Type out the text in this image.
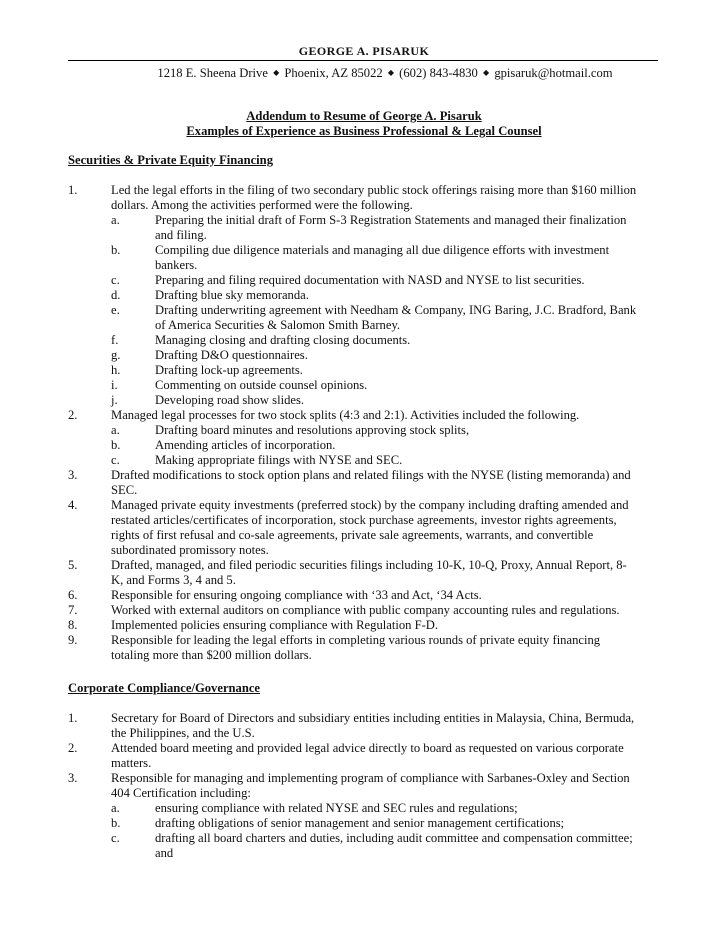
GEORGE A. PISARUK
1218 E. Sheena Drive ◆ Phoenix, AZ 85022 ◆ (602) 843-4830 ◆ gpisaruk@hotmail.com
Addendum to Resume of George A. Pisaruk
Examples of Experience as Business Professional & Legal Counsel
Securities & Private Equity Financing
1.	Led the legal efforts in the filing of two secondary public stock offerings raising more than $160 million
dollars. Among the activities performed were the following.
a.	Preparing the initial draft of Form S-3 Registration Statements and managed their finalization
and filing.
b.	Compiling due diligence materials and managing all due diligence efforts with investment
bankers.
c.	Preparing and filing required documentation with NASD and NYSE to list securities.
d.	Drafting blue sky memoranda.
e.	Drafting underwriting agreement with Needham & Company, ING Baring, J.C. Bradford, Bank
of America Securities & Salomon Smith Barney.
f.	Managing closing and drafting closing documents.
g.	Drafting D&O questionnaires.
h.	Drafting lock-up agreements.
i.	Commenting on outside counsel opinions.
j.	Developing road show slides.
2.	Managed legal processes for two stock splits (4:3 and 2:1). Activities included the following.
a.	Drafting board minutes and resolutions approving stock splits,
b.	Amending articles of incorporation.
c.	Making appropriate filings with NYSE and SEC.
3.	Drafted modifications to stock option plans and related filings with the NYSE (listing memoranda) and
SEC.
4.	Managed private equity investments (preferred stock) by the company including drafting amended and
restated articles/certificates of incorporation, stock purchase agreements, investor rights agreements,
rights of first refusal and co-sale agreements, private sale agreements, warrants, and convertible
subordinated promissory notes.
5.	Drafted, managed, and filed periodic securities filings including 10-K, 10-Q, Proxy, Annual Report, 8-
K, and Forms 3, 4 and 5.
6.	Responsible for ensuring ongoing compliance with ‘33 and Act, ‘34 Acts.
7.	Worked with external auditors on compliance with public company accounting rules and regulations.
8.	Implemented policies ensuring compliance with Regulation F-D.
9.	Responsible for leading the legal efforts in completing various rounds of private equity financing
totaling more than $200 million dollars.
Corporate Compliance/Governance
1.	Secretary for Board of Directors and subsidiary entities including entities in Malaysia, China, Bermuda,
the Philippines, and the U.S.
2.	Attended board meeting and provided legal advice directly to board as requested on various corporate
matters.
3.	Responsible for managing and implementing program of compliance with Sarbanes-Oxley and Section
404 Certification including:
a.	ensuring compliance with related NYSE and SEC rules and regulations;
b.	drafting obligations of senior management and senior management certifications;
c.	drafting all board charters and duties, including audit committee and compensation committee;
and
